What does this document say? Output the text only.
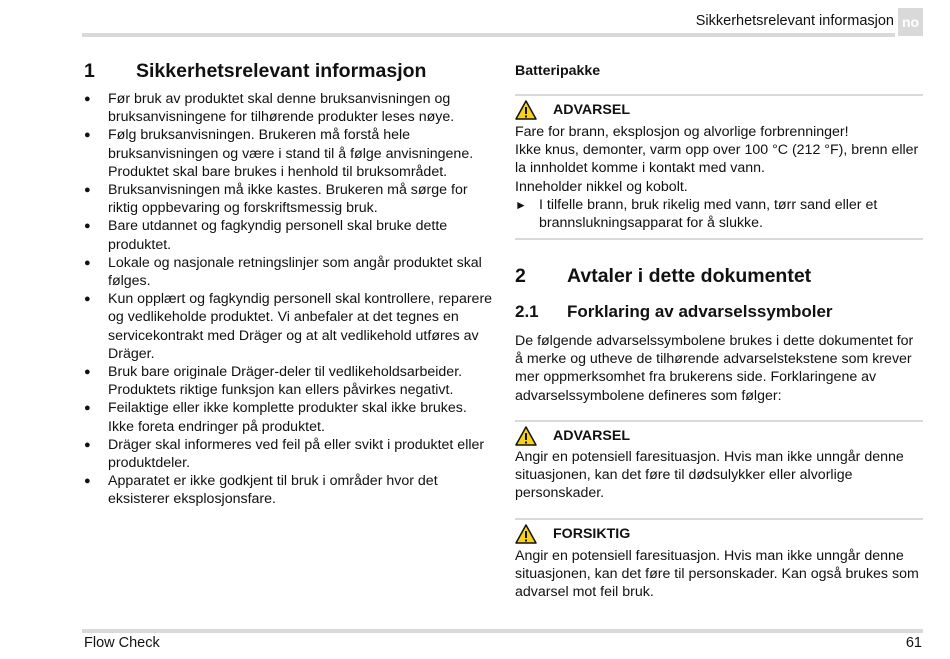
Sikkerhetsrelevant informasjon no
1 Sikkerhetsrelevant informasjon
● Før bruk av produktet skal denne bruksanvisningen og bruksanvisningene for tilhørende produkter leses nøye.
● Følg bruksanvisningen. Brukeren må forstå hele bruksanvisningen og være i stand til å følge anvisningene. Produktet skal bare brukes i henhold til bruksområdet.
● Bruksanvisningen må ikke kastes. Brukeren må sørge for riktig oppbevaring og forskriftsmessig bruk.
● Bare utdannet og fagkyndig personell skal bruke dette produktet.
● Lokale og nasjonale retningslinjer som angår produktet skal følges.
● Kun opplært og fagkyndig personell skal kontrollere, reparere og vedlikeholde produktet. Vi anbefaler at det tegnes en servicekontrakt med Dräger og at alt vedlikehold utføres av Dräger.
● Bruk bare originale Dräger-deler til vedlikeholdsarbeider. Produktets riktige funksjon kan ellers påvirkes negativt.
● Feilaktige eller ikke komplette produkter skal ikke brukes. Ikke foreta endringer på produktet.
● Dräger skal informeres ved feil på eller svikt i produktet eller produktdeler.
● Apparatet er ikke godkjent til bruk i områder hvor det eksisterer eksplosjonsfare.
Batteripakke
ADVARSEL
Fare for brann, eksplosjon og alvorlige forbrenninger!
Ikke knus, demonter, varm opp over 100 °C (212 °F), brenn eller la innholdet komme i kontakt med vann.
Inneholder nikkel og kobolt.
► I tilfelle brann, bruk rikelig med vann, tørr sand eller et brannslukningsapparat for å slukke.
2 Avtaler i dette dokumentet
2.1 Forklaring av advarselssymboler
De følgende advarselssymbolene brukes i dette dokumentet for å merke og utheve de tilhørende advarselstekstene som krever mer oppmerksomhet fra brukerens side. Forklaringene av advarselssymbolene defineres som følger:
ADVARSEL
Angir en potensiell faresituasjon. Hvis man ikke unngår denne situasjonen, kan det føre til dødsulykker eller alvorlige personskader.
FORSIKTIG
Angir en potensiell faresituasjon. Hvis man ikke unngår denne situasjonen, kan det føre til personskader. Kan også brukes som advarsel mot feil bruk.
Flow Check	61
